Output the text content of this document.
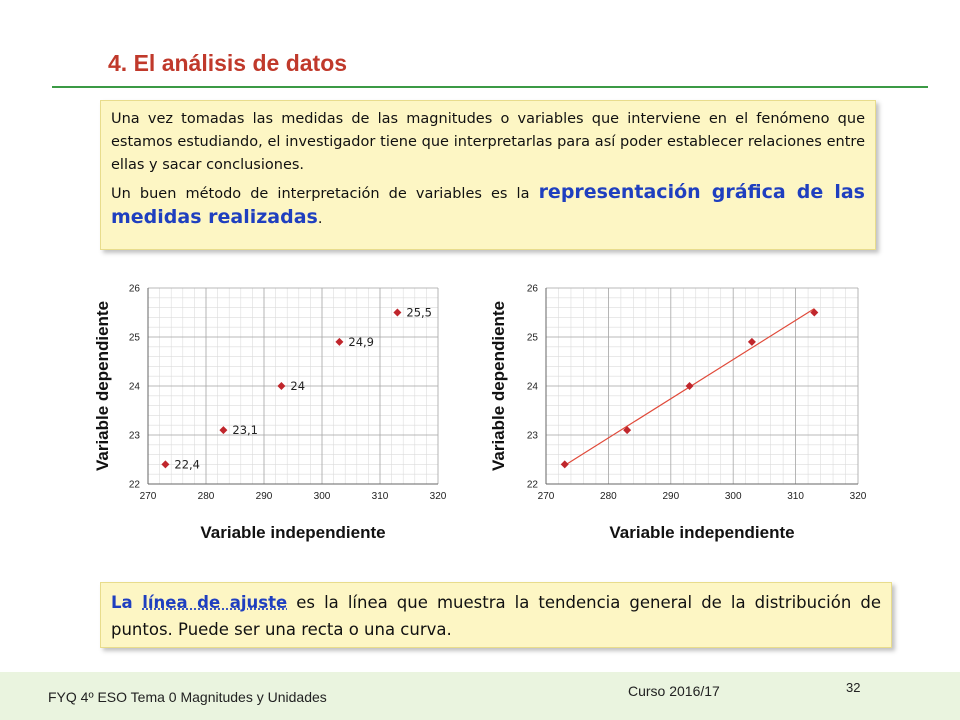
4. El análisis de datos

Una vez tomadas las medidas de las magnitudes o variables que interviene en el fenómeno que estamos estudiando, el investigador tiene que interpretarlas para así poder establecer relaciones entre ellas y sacar conclusiones.

Un buen método de interpretación de variables es la representación gráfica de las medidas realizadas.

270	280	290	300	310	320
22
23
24
25
26
22,4
23,1
24
24,9
25,5
Variable independiente
Variable dependiente
270	280	290	300	310	320
22
23
24
25
26
Variable independiente
Variable dependiente

La línea de ajuste es la línea que muestra la tendencia general de la distribución de puntos. Puede ser una recta o una curva.

FYQ 4º ESO Tema 0 Magnitudes y Unidades	Curso 2016/17	32
